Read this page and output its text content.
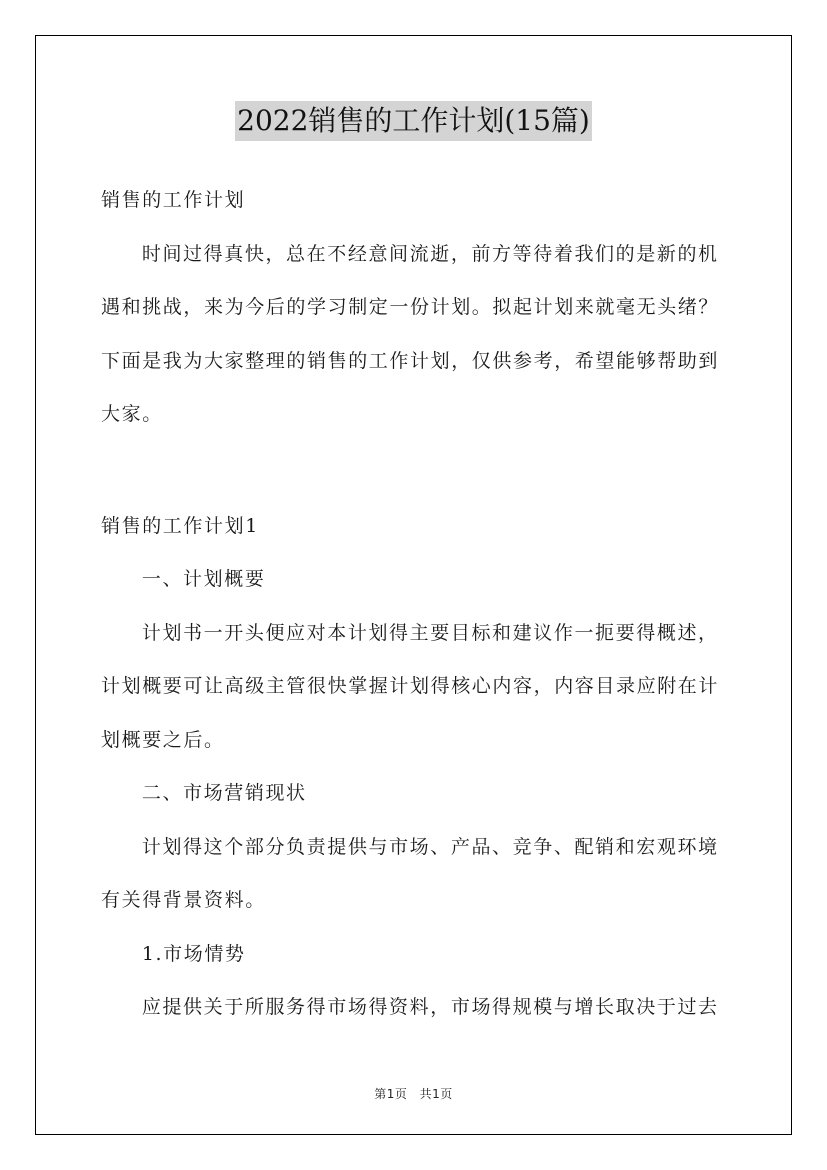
2022销售的工作计划(15篇)

销售的工作计划

时间过得真快，总在不经意间流逝，前方等待着我们的是新的机遇和挑战，来为今后的学习制定一份计划。拟起计划来就毫无头绪？下面是我为大家整理的销售的工作计划，仅供参考，希望能够帮助到大家。

销售的工作计划1

一、计划概要

计划书一开头便应对本计划得主要目标和建议作一扼要得概述，计划概要可让高级主管很快掌握计划得核心内容，内容目录应附在计划概要之后。

二、市场营销现状

计划得这个部分负责提供与市场、产品、竞争、配销和宏观环境有关得背景资料。

1.市场情势

应提供关于所服务得市场得资料，市场得规模与增长取决于过去

第1页 共1页
